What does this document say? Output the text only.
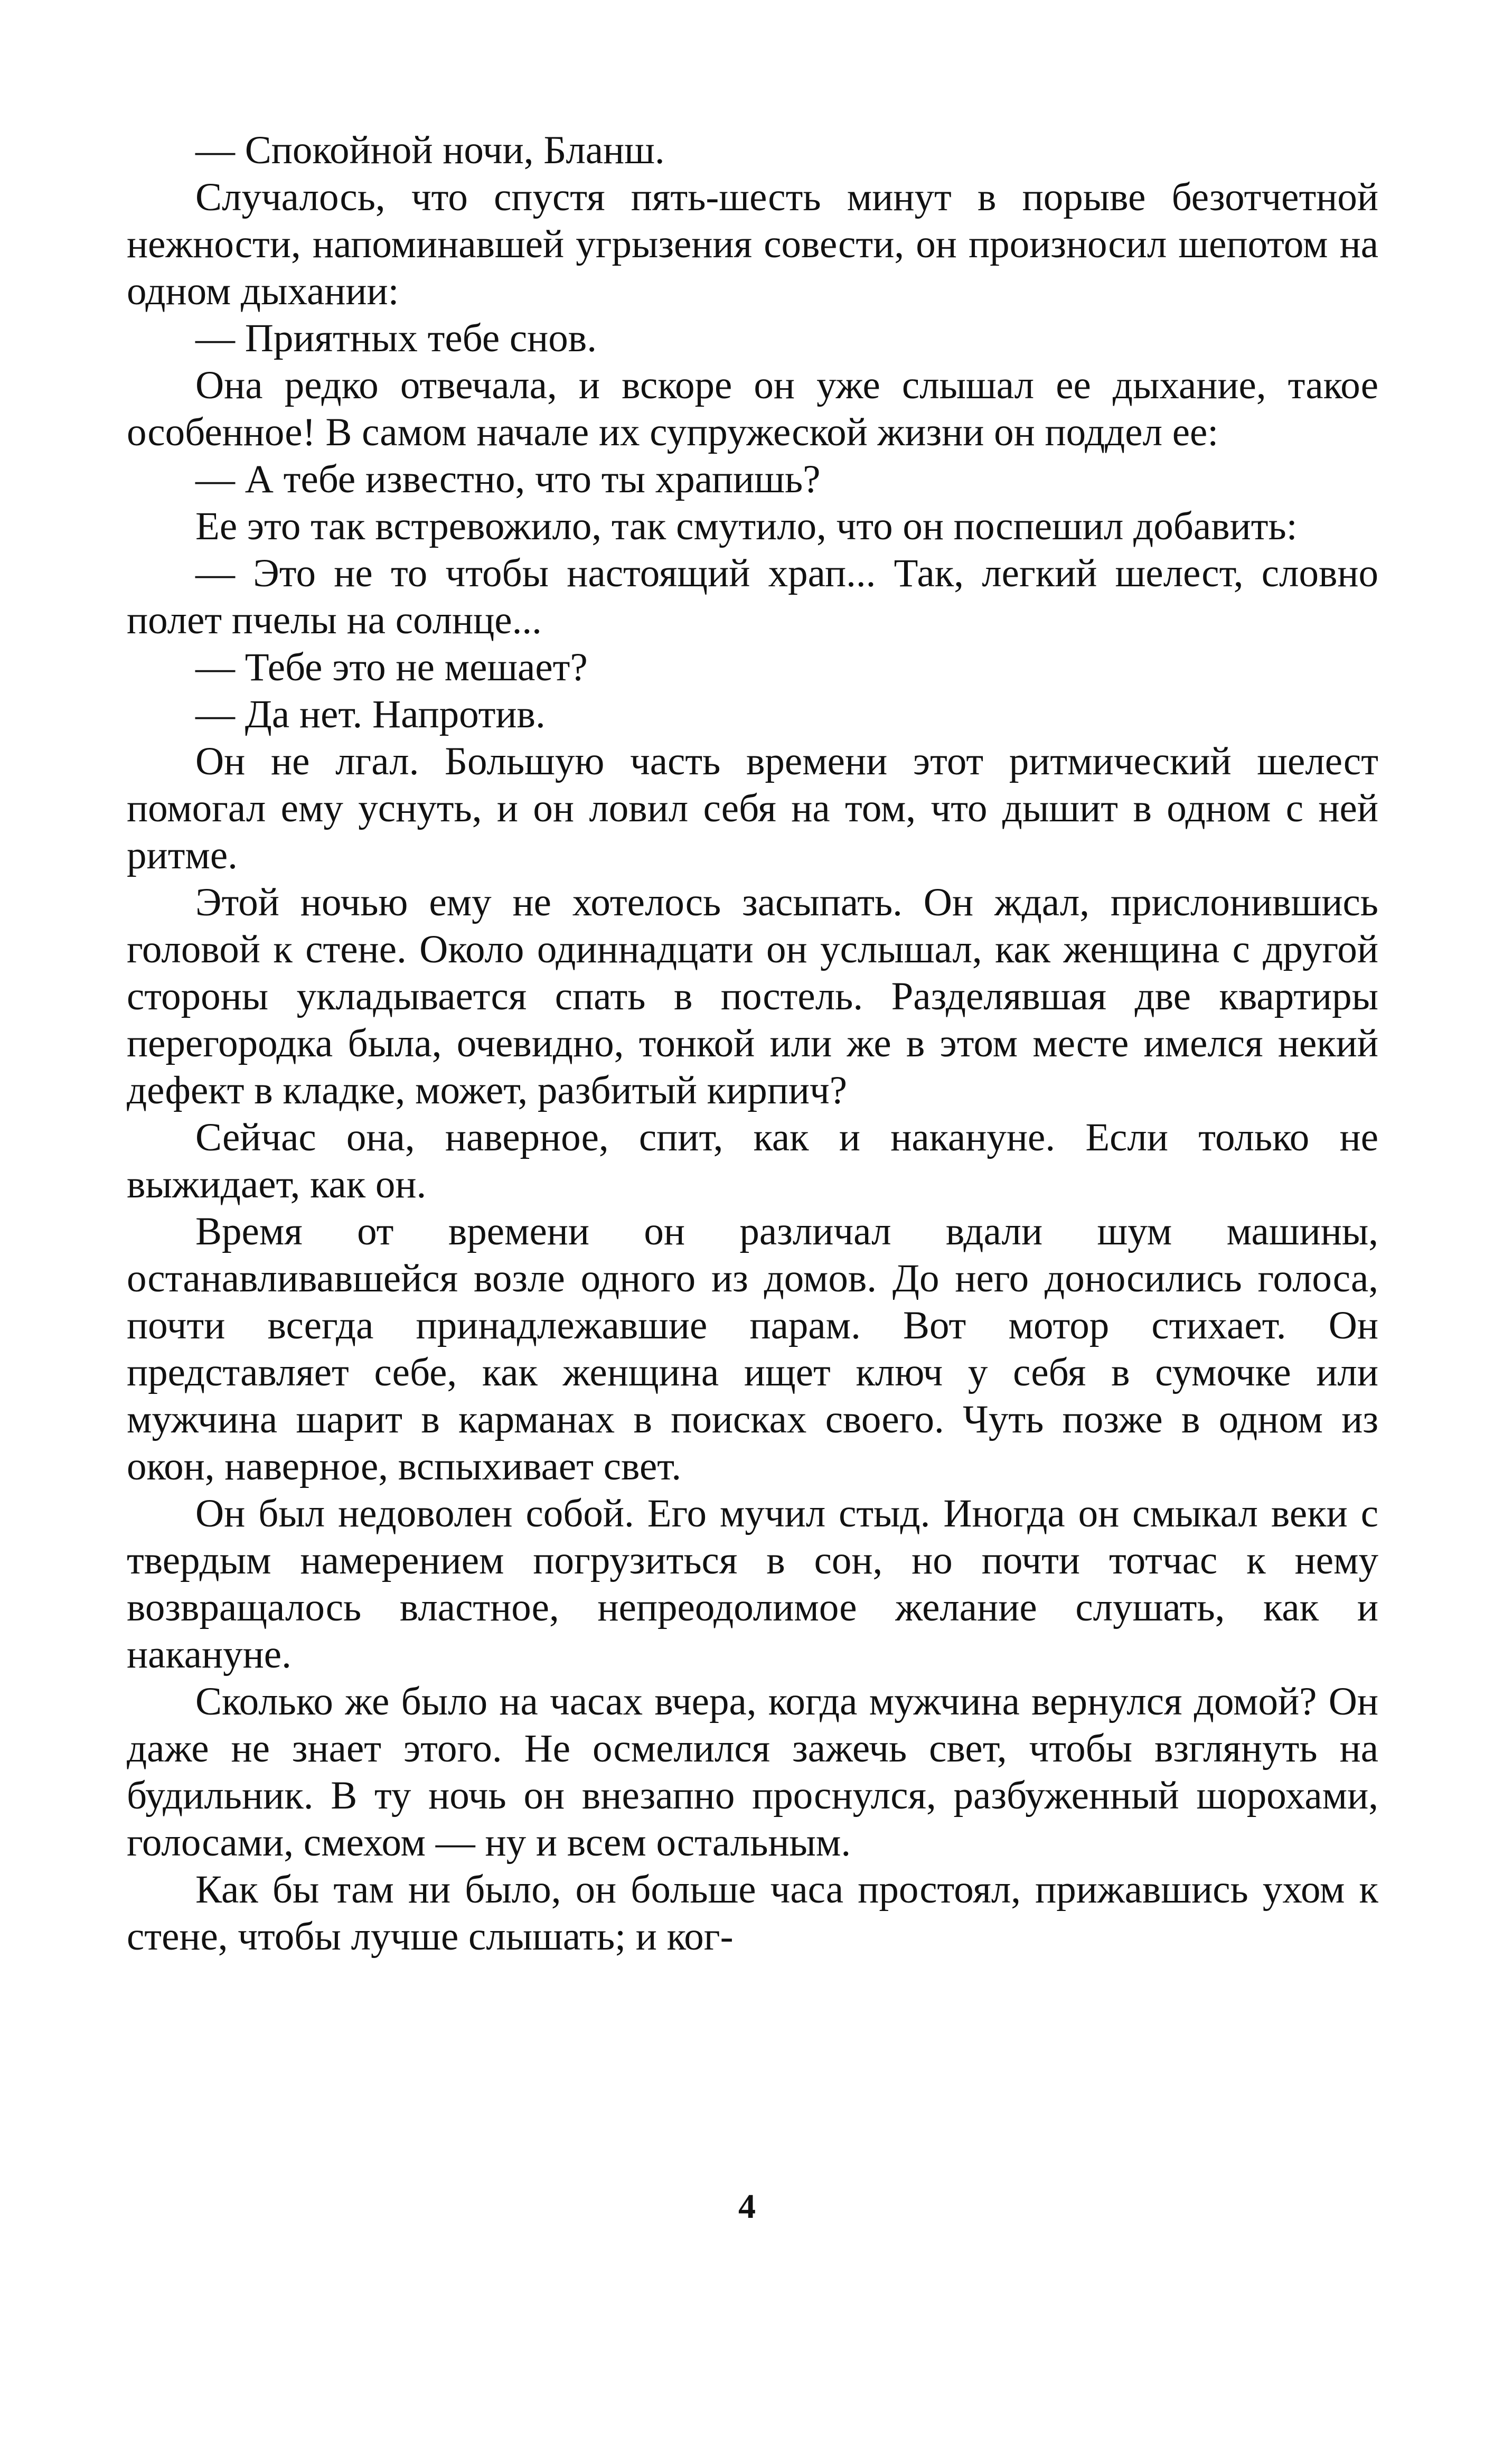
— Спокойной ночи, Бланш.

Случалось, что спустя пять-шесть минут в порыве безотчетной нежности, напоминавшей угрызения совести, он произносил шепотом на одном дыхании:

— Приятных тебе снов.

Она редко отвечала, и вскоре он уже слышал ее дыхание, такое особенное! В самом начале их супружеской жизни он поддел ее:

— А тебе известно, что ты храпишь?

Ее это так встревожило, так смутило, что он поспешил добавить:

— Это не то чтобы настоящий храп... Так, легкий шелест, словно полет пчелы на солнце...

— Тебе это не мешает?

— Да нет. Напротив.

Он не лгал. Большую часть времени этот ритмический шелест помогал ему уснуть, и он ловил себя на том, что дышит в одном с ней ритме.

Этой ночью ему не хотелось засыпать. Он ждал, прислонившись головой к стене. Около одиннадцати он услышал, как женщина с другой стороны укладывается спать в постель. Разделявшая две квартиры перегородка была, очевидно, тонкой или же в этом месте имелся некий дефект в кладке, может, разбитый кирпич?

Сейчас она, наверное, спит, как и накануне. Если только не выжидает, как он.

Время от времени он различал вдали шум машины, останавливавшейся возле одного из домов. До него доносились голоса, почти всегда принадлежавшие парам. Вот мотор стихает. Он представляет себе, как женщина ищет ключ у себя в сумочке или мужчина шарит в карманах в поисках своего. Чуть позже в одном из окон, наверное, вспыхивает свет.

Он был недоволен собой. Его мучил стыд. Иногда он смыкал веки с твердым намерением погрузиться в сон, но почти тотчас к нему возвращалось властное, непреодолимое желание слушать, как и накануне.

Сколько же было на часах вчера, когда мужчина вернулся домой? Он даже не знает этого. Не осмелился зажечь свет, чтобы взглянуть на будильник. В ту ночь он внезапно проснулся, разбуженный шорохами, голосами, смехом — ну и всем остальным.

Как бы там ни было, он больше часа простоял, прижавшись ухом к стене, чтобы лучше слышать; и ког-

4
